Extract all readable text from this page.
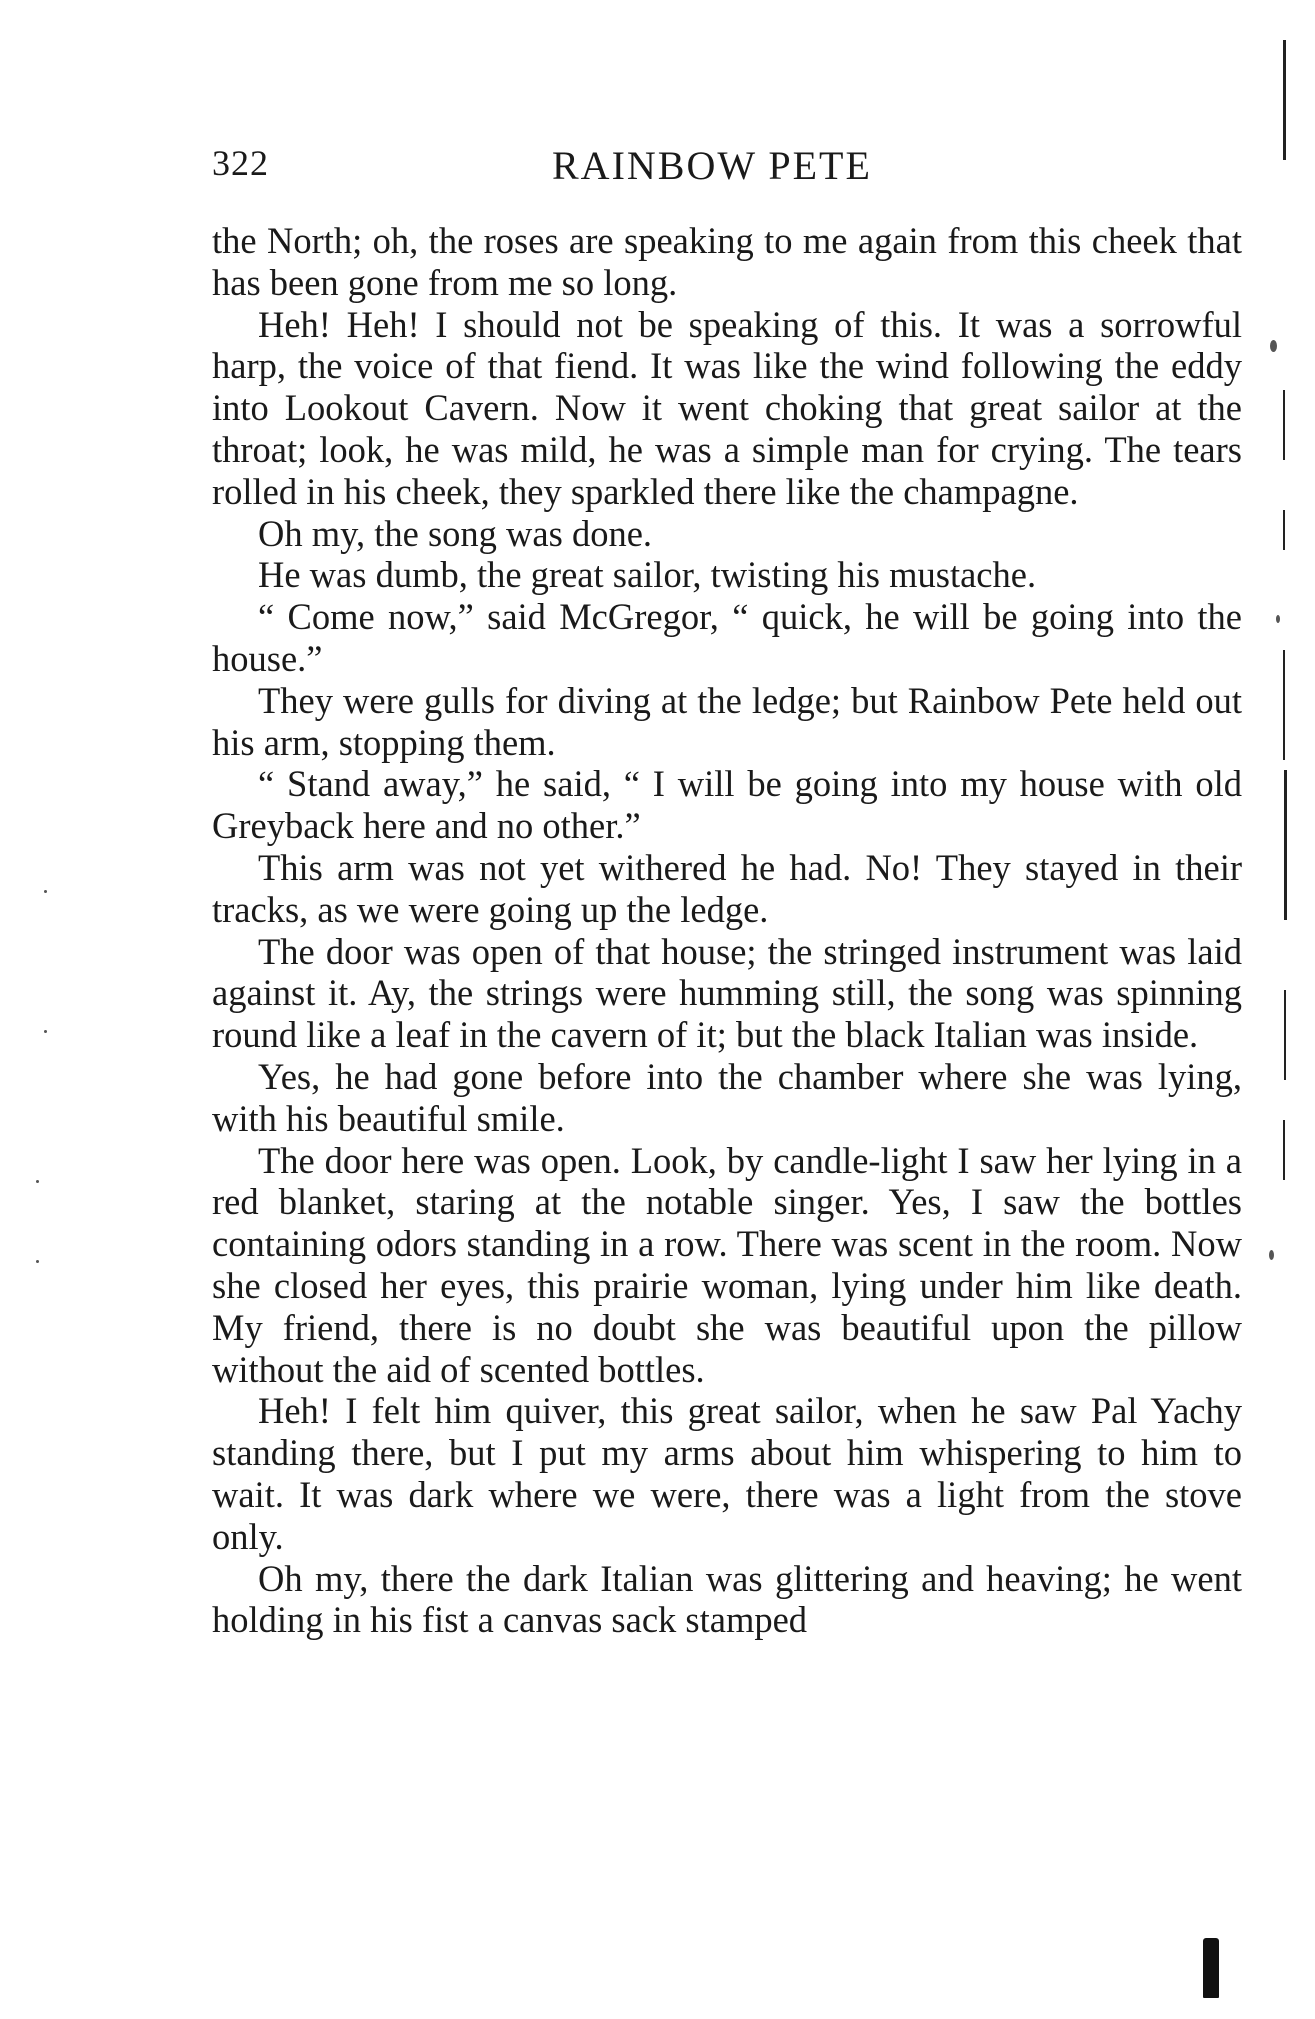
322	RAINBOW PETE

the North; oh, the roses are speaking to me again from this cheek that has been gone from me so long.

Heh! Heh! I should not be speaking of this. It was a sorrowful harp, the voice of that fiend. It was like the wind following the eddy into Lookout Cavern. Now it went choking that great sailor at the throat; look, he was mild, he was a simple man for crying. The tears rolled in his cheek, they sparkled there like the champagne.

Oh my, the song was done.

He was dumb, the great sailor, twisting his mustache.

“ Come now,” said McGregor, “ quick, he will be going into the house.”

They were gulls for diving at the ledge; but Rainbow Pete held out his arm, stopping them.

“ Stand away,” he said, “ I will be going into my house with old Greyback here and no other.”

This arm was not yet withered he had. No! They stayed in their tracks, as we were going up the ledge.

The door was open of that house; the stringed instrument was laid against it. Ay, the strings were humming still, the song was spinning round like a leaf in the cavern of it; but the black Italian was inside.

Yes, he had gone before into the chamber where she was lying, with his beautiful smile.

The door here was open. Look, by candle-light I saw her lying in a red blanket, staring at the notable singer. Yes, I saw the bottles containing odors standing in a row. There was scent in the room. Now she closed her eyes, this prairie woman, lying under him like death. My friend, there is no doubt she was beautiful upon the pillow without the aid of scented bottles.

Heh! I felt him quiver, this great sailor, when he saw Pal Yachy standing there, but I put my arms about him whispering to him to wait. It was dark where we were, there was a light from the stove only.

Oh my, there the dark Italian was glittering and heaving; he went holding in his fist a canvas sack stamped
